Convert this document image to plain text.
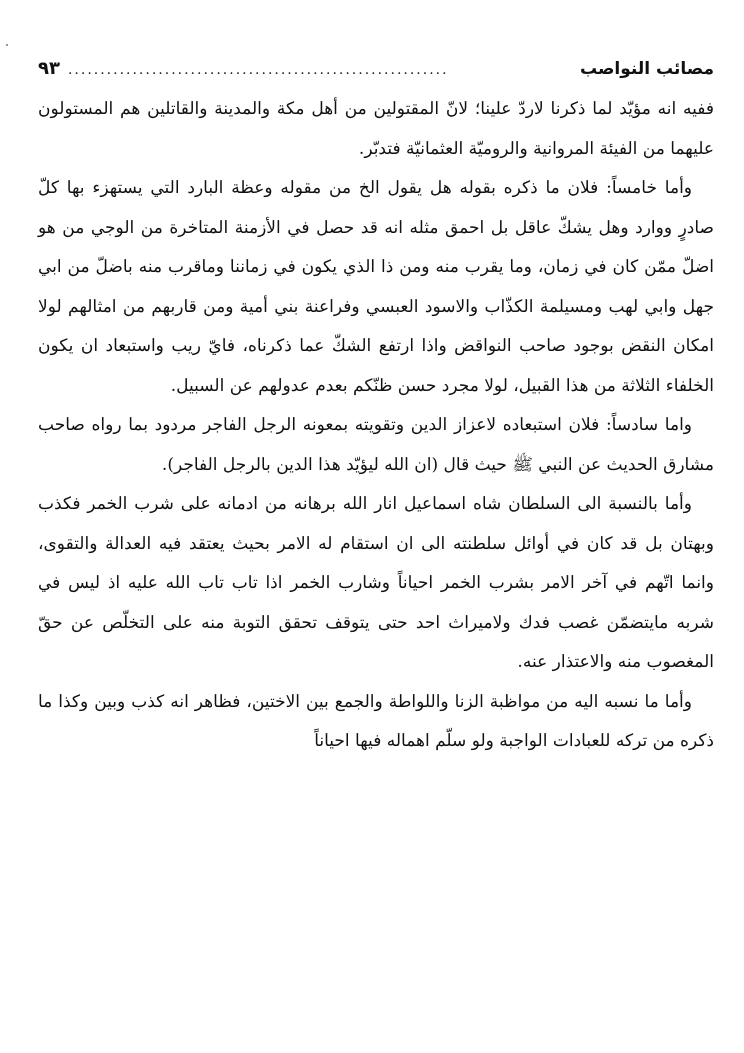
مصائب النواصب
...........................................................
٩٣

ففيه انه مؤيّد لما ذكرنا لاردّ علينا؛ لانّ المقتولين من أهل مكة والمدينة والقاتلين هم المستولون عليهما من الفيئة المروانية والروميّة العثمانيّة فتدبّر.

وأما خامساً: فلان ما ذكره بقوله هل يقول الخ من مقوله وعظة البارد التي يستهزء بها كلّ صادرٍ ووارد وهل يشكّ عاقل بل احمق مثله انه قد حصل في الأزمنة المتاخرة من الوجي من هو اضلّ ممّن كان في زمان، وما يقرب منه ومن ذا الذي يكون في زماننا وماقرب منه باضلّ من ابي جهل وابي لهب ومسيلمة الكذّاب والاسود العبسي وفراعنة بني أمية ومن قاربهم من امثالهم لولا امكان النقض بوجود صاحب النواقض واذا ارتفع الشكّ عما ذكرناه، فايّ ريب واستبعاد ان يكون الخلفاء الثلاثة من هذا القبيل، لولا مجرد حسن ظنّكم بعدم عدولهم عن السبيل.

واما سادساً: فلان استبعاده لاعزاز الدين وتقويته بمعونه الرجل الفاجر مردود بما رواه صاحب مشارق الحديث عن النبي ﷺ حيث قال (ان الله ليؤيّد هذا الدين بالرجل الفاجر).

وأما بالنسبة الى السلطان شاه اسماعيل انار الله برهانه من ادمانه على شرب الخمر فكذب وبهتان بل قد كان في أوائل سلطنته الى ان استقام له الامر بحيث يعتقد فيه العدالة والتقوى، وانما اتّهم في آخر الامر بشرب الخمر احياناً وشارب الخمر اذا تاب تاب الله عليه اذ ليس في شربه مايتضمّن غصب فدك ولاميراث احد حتى يتوقف تحقق التوبة منه على التخلّص عن حقّ المغصوب منه والاعتذار عنه.

وأما ما نسبه اليه من مواظبة الزنا واللواطة والجمع بين الاختين، فظاهر انه كذب وبين وكذا ما ذكره من تركه للعبادات الواجبة ولو سلّم اهماله فيها احياناً
